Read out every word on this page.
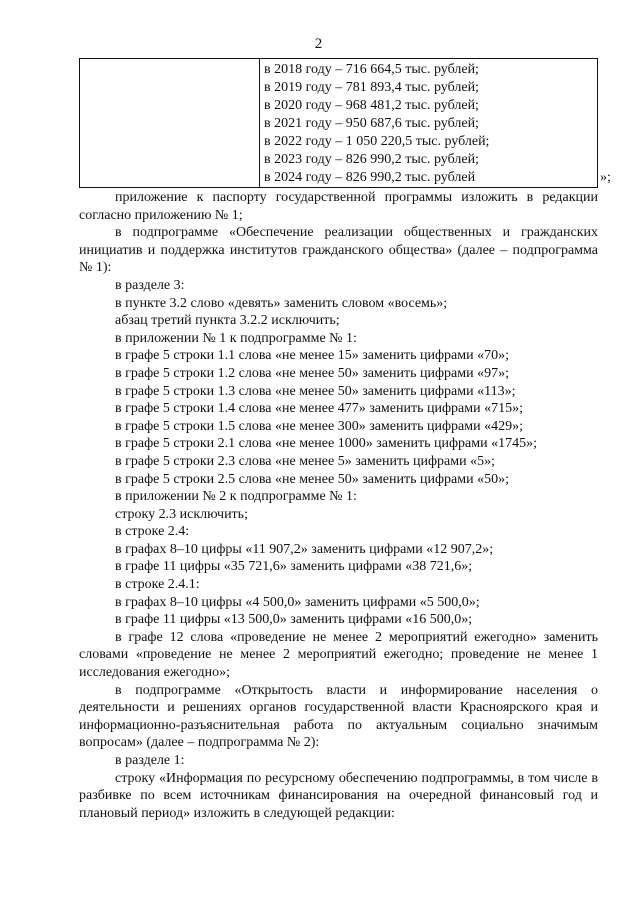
2

в 2018 году – 716 664,5 тыс. рублей;
в 2019 году – 781 893,4 тыс. рублей;
в 2020 году – 968 481,2 тыс. рублей;
в 2021 году – 950 687,6 тыс. рублей;
в 2022 году – 1 050 220,5 тыс. рублей;
в 2023 году – 826 990,2 тыс. рублей;
в 2024 году – 826 990,2 тыс. рублей	»;

приложение к паспорту государственной программы изложить в редакции согласно приложению № 1;

в подпрограмме «Обеспечение реализации общественных и гражданских инициатив и поддержка институтов гражданского общества» (далее – подпрограмма № 1):

в разделе 3:

в пункте 3.2 слово «девять» заменить словом «восемь»;

абзац третий пункта 3.2.2 исключить;

в приложении № 1 к подпрограмме № 1:

в графе 5 строки 1.1 слова «не менее 15» заменить цифрами «70»;

в графе 5 строки 1.2 слова «не менее 50» заменить цифрами «97»;

в графе 5 строки 1.3 слова «не менее 50» заменить цифрами «113»;

в графе 5 строки 1.4 слова «не менее 477» заменить цифрами «715»;

в графе 5 строки 1.5 слова «не менее 300» заменить цифрами «429»;

в графе 5 строки 2.1 слова «не менее 1000» заменить цифрами «1745»;

в графе 5 строки 2.3 слова «не менее 5» заменить цифрами «5»;

в графе 5 строки 2.5 слова «не менее 50» заменить цифрами «50»;

в приложении № 2 к подпрограмме № 1:

строку 2.3 исключить;

в строке 2.4:

в графах 8–10 цифры «11 907,2» заменить цифрами «12 907,2»;

в графе 11 цифры «35 721,6» заменить цифрами «38 721,6»;

в строке 2.4.1:

в графах 8–10 цифры «4 500,0» заменить цифрами «5 500,0»;

в графе 11 цифры «13 500,0» заменить цифрами «16 500,0»;

в графе 12 слова «проведение не менее 2 мероприятий ежегодно» заменить словами «проведение не менее 2 мероприятий ежегодно; проведение не менее 1 исследования ежегодно»;

в подпрограмме «Открытость власти и информирование населения о деятельности и решениях органов государственной власти Красноярского края и информационно-разъяснительная работа по актуальным социально значимым вопросам» (далее – подпрограмма № 2):

в разделе 1:

строку «Информация по ресурсному обеспечению подпрограммы, в том числе в разбивке по всем источникам финансирования на очередной финансовый год и плановый период» изложить в следующей редакции:
